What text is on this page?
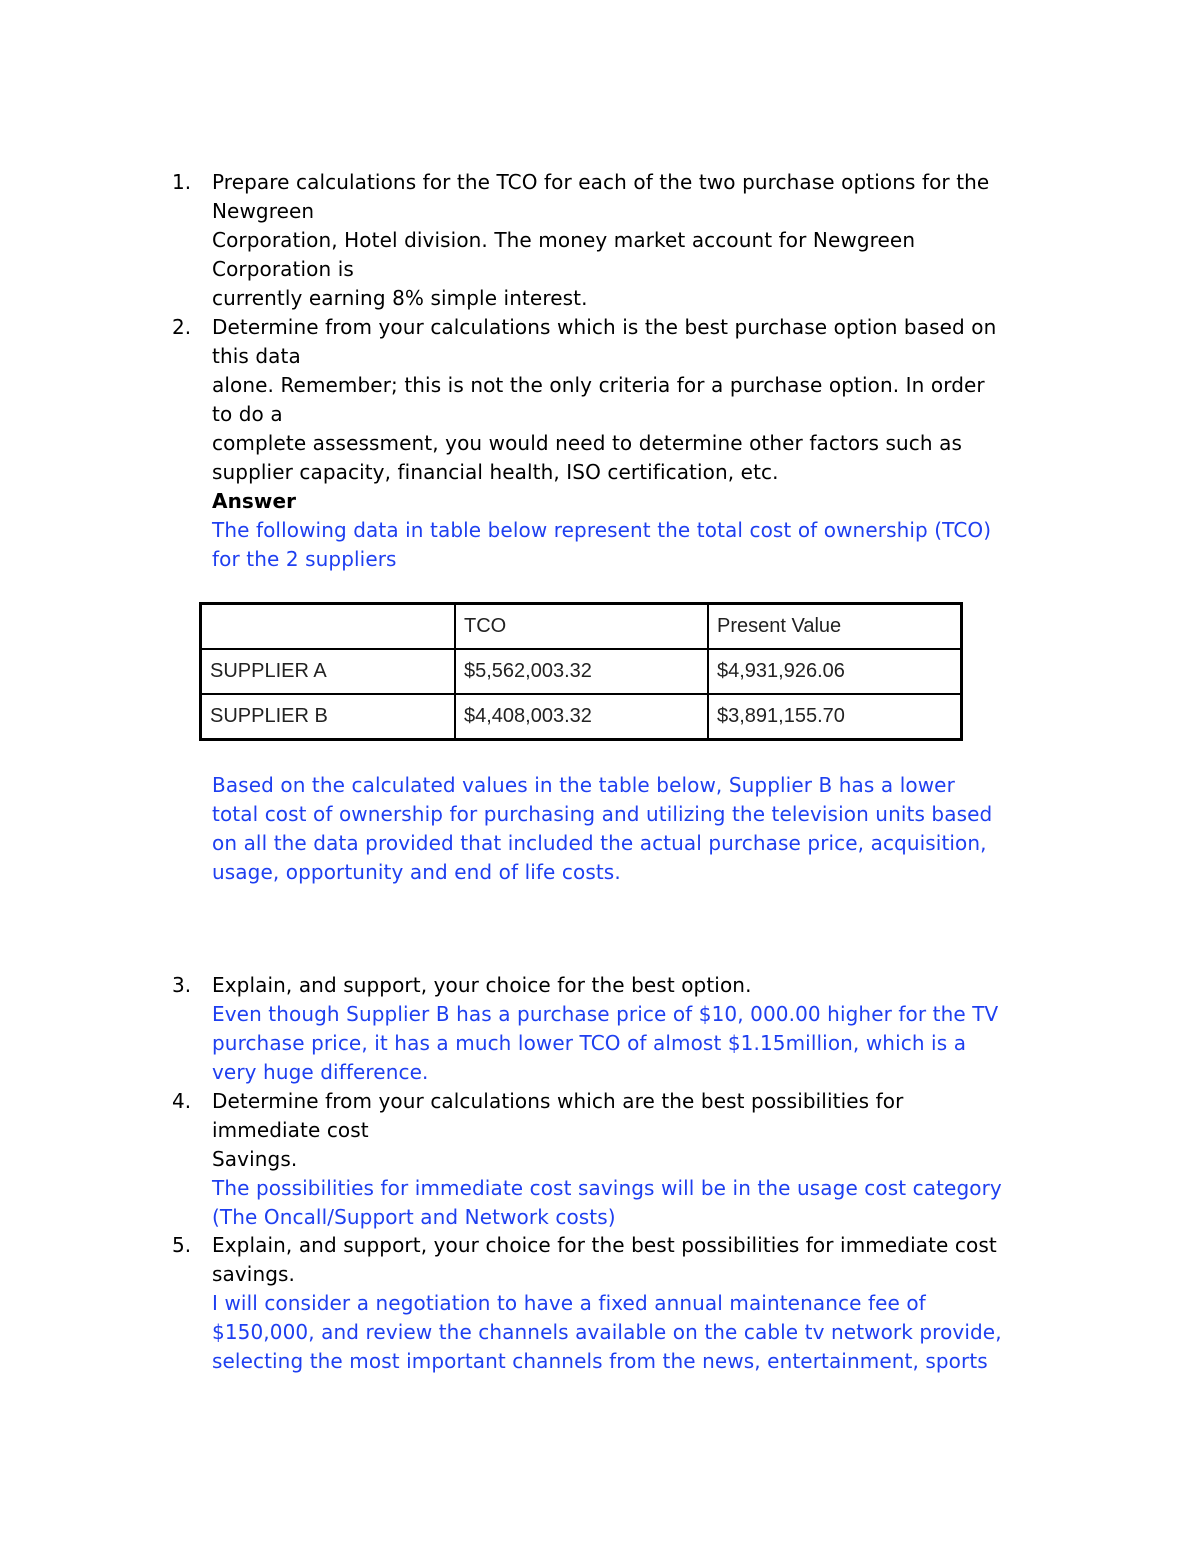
1.	Prepare calculations for the TCO for each of the two purchase options for the
Newgreen
Corporation, Hotel division. The money market account for Newgreen
Corporation is
currently earning 8% simple interest.
2.	Determine from your calculations which is the best purchase option based on
this data
alone. Remember; this is not the only criteria for a purchase option. In order
to do a
complete assessment, you would need to determine other factors such as
supplier capacity, financial health, ISO certification, etc.
Answer
The following data in table below represent the total cost of ownership (TCO)
for the 2 suppliers
	TCO	Present Value
SUPPLIER A	$5,562,003.32	$4,931,926.06
SUPPLIER B	$4,408,003.32	$3,891,155.70
Based on the calculated values in the table below, Supplier B has a lower
total cost of ownership for purchasing and utilizing the television units based
on all the data provided that included the actual purchase price, acquisition,
usage, opportunity and end of life costs.
3.	Explain, and support, your choice for the best option.
Even though Supplier B has a purchase price of $10, 000.00 higher for the TV
purchase price, it has a much lower TCO of almost $1.15million, which is a
very huge difference.
4.	Determine from your calculations which are the best possibilities for
immediate cost
Savings.
The possibilities for immediate cost savings will be in the usage cost category
(The Oncall/Support and Network costs)
5.	Explain, and support, your choice for the best possibilities for immediate cost
savings.
I will consider a negotiation to have a fixed annual maintenance fee of
$150,000, and review the channels available on the cable tv network provide,
selecting the most important channels from the news, entertainment, sports
